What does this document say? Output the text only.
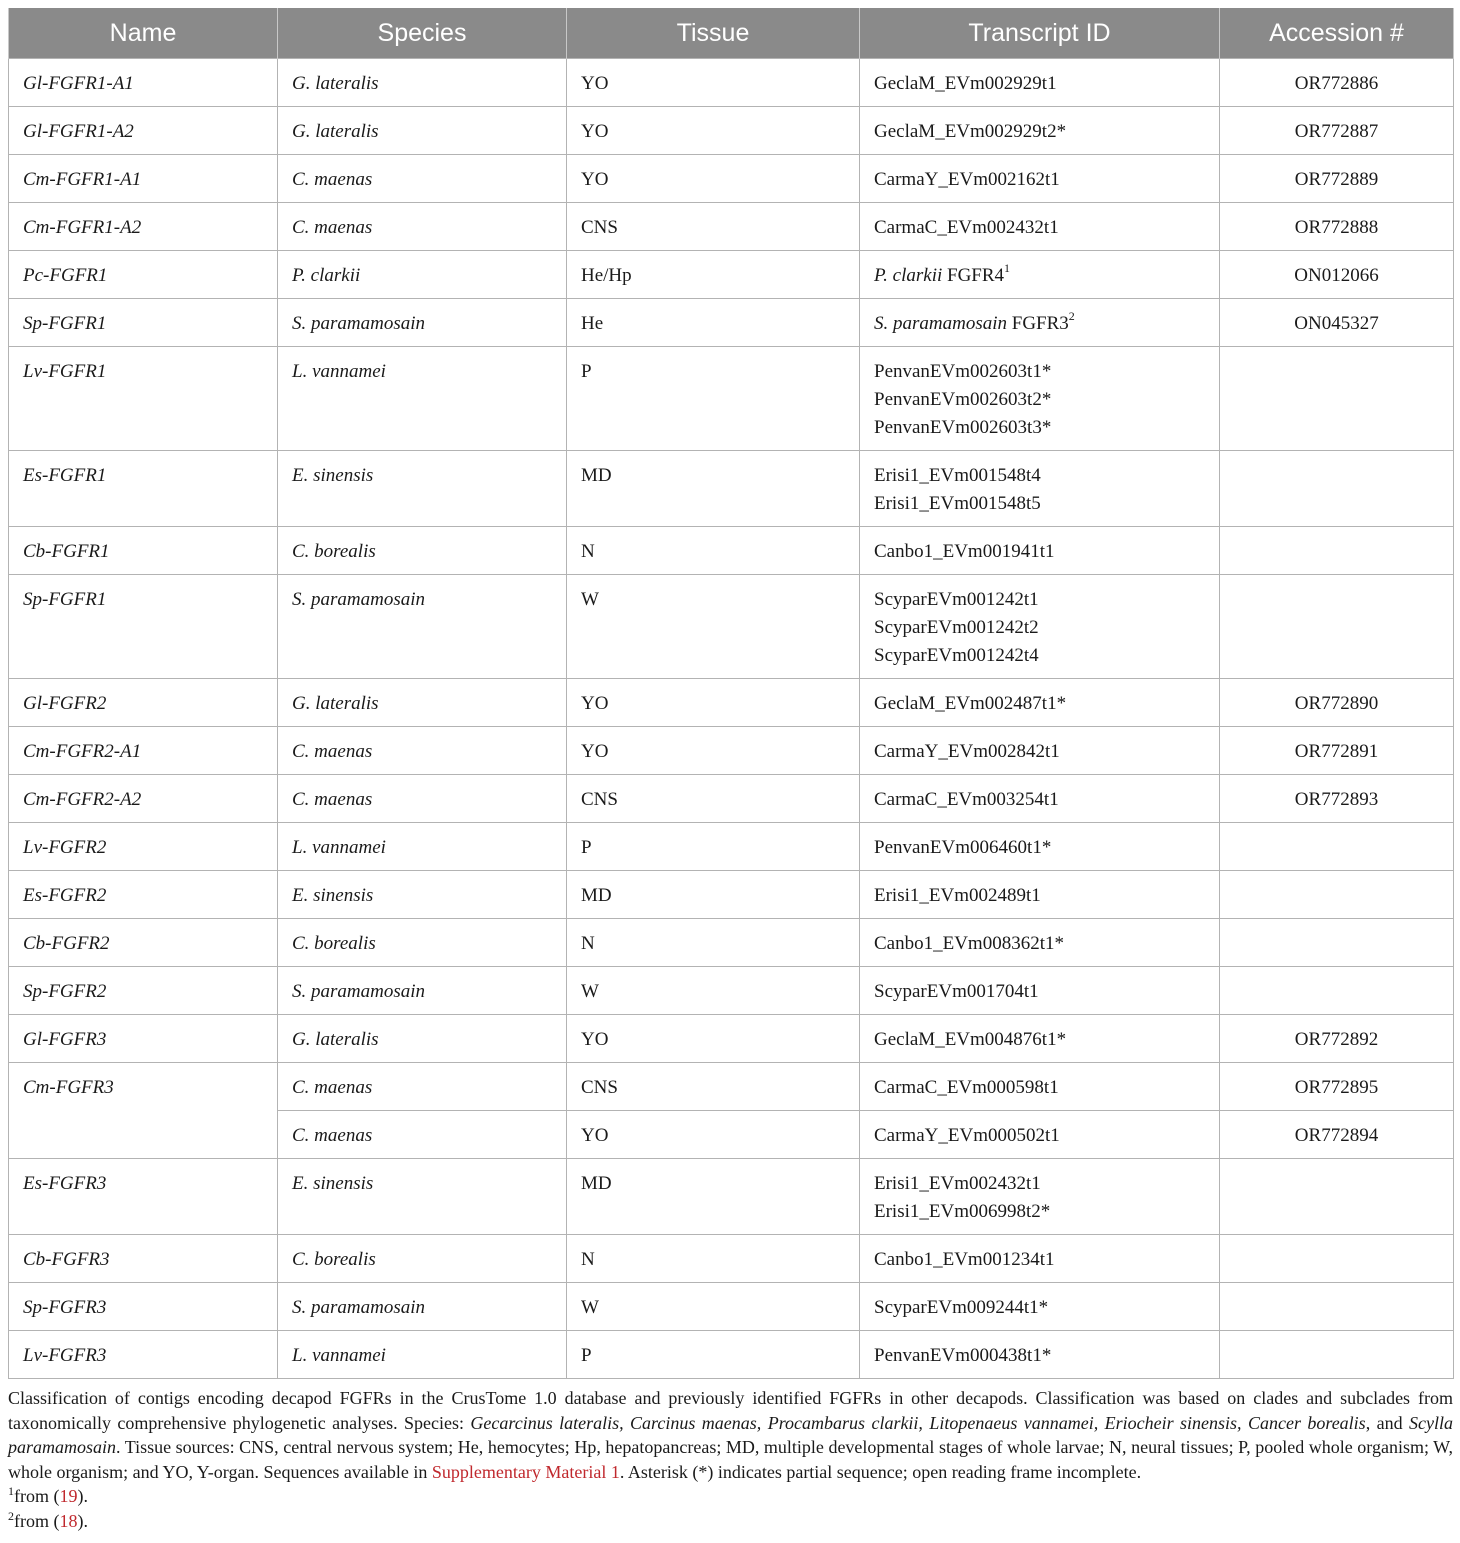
Name	Species	Tissue	Transcript ID	Accession #
Gl-FGFR1-A1	G. lateralis	YO	GeclaM_EVm002929t1	OR772886
Gl-FGFR1-A2	G. lateralis	YO	GeclaM_EVm002929t2*	OR772887
Cm-FGFR1-A1	C. maenas	YO	CarmaY_EVm002162t1	OR772889
Cm-FGFR1-A2	C. maenas	CNS	CarmaC_EVm002432t1	OR772888
Pc-FGFR1	P. clarkii	He/Hp	P. clarkii $FGFR4^1$	ON012066
Sp-FGFR1	S. paramamosain	He	S. paramamosain $FGFR3^2$	ON045327
Lv-FGFR1	L. vannamei	P	PenvanEVm002603t1*
PenvanEVm002603t2*
PenvanEVm002603t3*	

Es-FGFR1	E. sinensis	MD	Erisi1_EVm001548t4
Erisi1_EVm001548t5	

Cb-FGFR1	C. borealis	N	Canbo1_EVm001941t1	

Sp-FGFR1	S. paramamosain	W	ScyparEVm001242t1
ScyparEVm001242t2
ScyparEVm001242t4	

Gl-FGFR2	G. lateralis	YO	GeclaM_EVm002487t1*	OR772890
Cm-FGFR2-A1	C. maenas	YO	CarmaY_EVm002842t1	OR772891
Cm-FGFR2-A2	C. maenas	CNS	CarmaC_EVm003254t1	OR772893
Lv-FGFR2	L. vannamei	P	PenvanEVm006460t1*	

Es-FGFR2	E. sinensis	MD	Erisi1_EVm002489t1	

Cb-FGFR2	C. borealis	N	Canbo1_EVm008362t1*	

Sp-FGFR2	S. paramamosain	W	ScyparEVm001704t1	

Gl-FGFR3	G. lateralis	YO	GeclaM_EVm004876t1*	OR772892
Cm-FGFR3	C. maenas	CNS	CarmaC_EVm000598t1	OR772895
	C. maenas	YO	CarmaY_EVm000502t1	OR772894
Es-FGFR3	E. sinensis	MD	Erisi1_EVm002432t1
Erisi1_EVm006998t2*	

Cb-FGFR3	C. borealis	N	Canbo1_EVm001234t1	

Sp-FGFR3	S. paramamosain	W	ScyparEVm009244t1*	

Lv-FGFR3	L. vannamei	P	PenvanEVm000438t1*	

Classification of contigs encoding decapod FGFRs in the CrusTome 1.0 database and previously identified FGFRs in other decapods. Classification was based on clades and subclades from taxonomically comprehensive phylogenetic analyses. Species: Gecarcinus lateralis, Carcinus maenas, Procambarus clarkii, Litopenaeus vannamei, Eriocheir sinensis, Cancer borealis, and Scylla paramamosain. Tissue sources: CNS, central nervous system; He, hemocytes; Hp, hepatopancreas; MD, multiple developmental stages of whole larvae; N, neural tissues; P, pooled whole organism; W, whole organism; and YO, Y-organ. Sequences available in Supplementary Material 1. Asterisk (*) indicates partial sequence; open reading frame incomplete.

$^1$from (19).

$^2$from (18).
